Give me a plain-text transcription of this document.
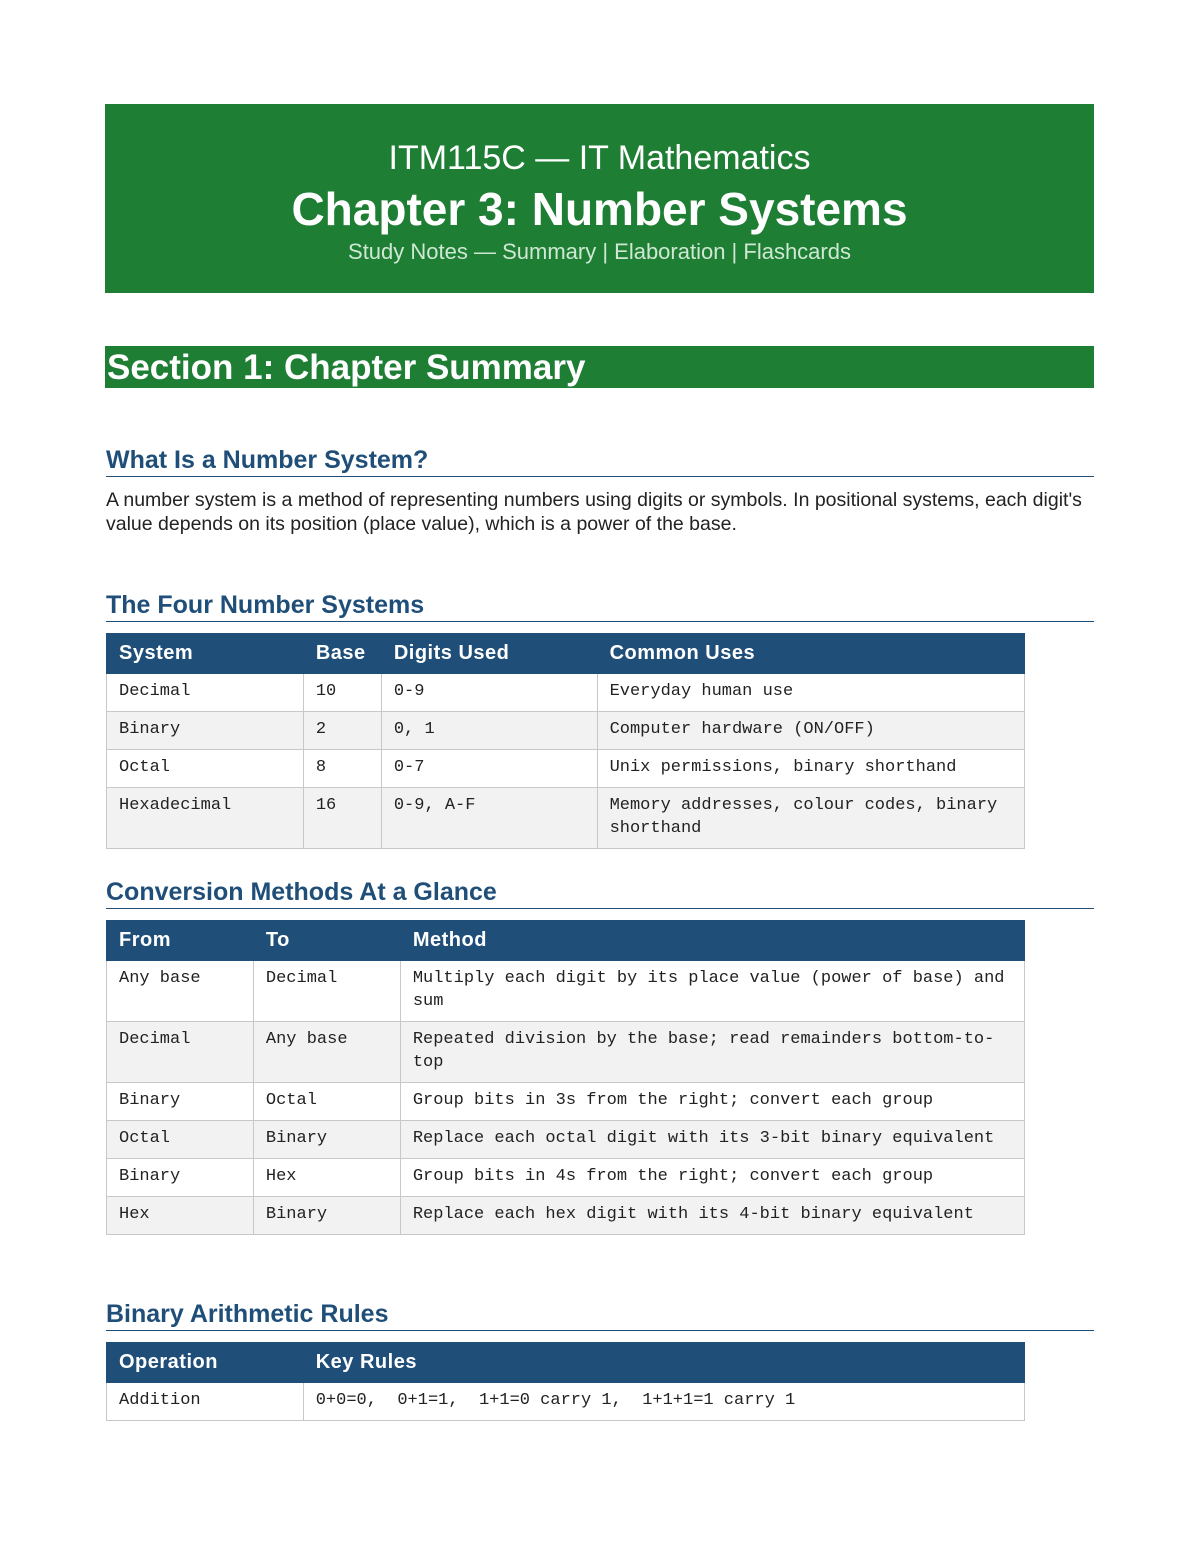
ITM115C — IT Mathematics
Chapter 3: Number Systems
Study Notes — Summary | Elaboration | Flashcards
Section 1: Chapter Summary
What Is a Number System?

A number system is a method of representing numbers using digits or symbols. In positional systems, each digit's value depends on its position (place value), which is a power of the base.

The Four Number Systems
System	Base	Digits Used	Common Uses
Decimal	10	0-9	Everyday human use
Binary	2	0, 1	Computer hardware (ON/OFF)
Octal	8	0-7	Unix permissions, binary shorthand
Hexadecimal	16	0-9, A-F	Memory addresses, colour codes, binary shorthand
Conversion Methods At a Glance
From	To	Method
Any base	Decimal	Multiply each digit by its place value (power of base) and sum
Decimal	Any base	Repeated division by the base; read remainders bottom-to-top
Binary	Octal	Group bits in 3s from the right; convert each group
Octal	Binary	Replace each octal digit with its 3-bit binary equivalent
Binary	Hex	Group bits in 4s from the right; convert each group
Hex	Binary	Replace each hex digit with its 4-bit binary equivalent
Binary Arithmetic Rules
Operation	Key Rules
Addition	0+0=0,  0+1=1,  1+1=0 carry 1,  1+1+1=1 carry 1
